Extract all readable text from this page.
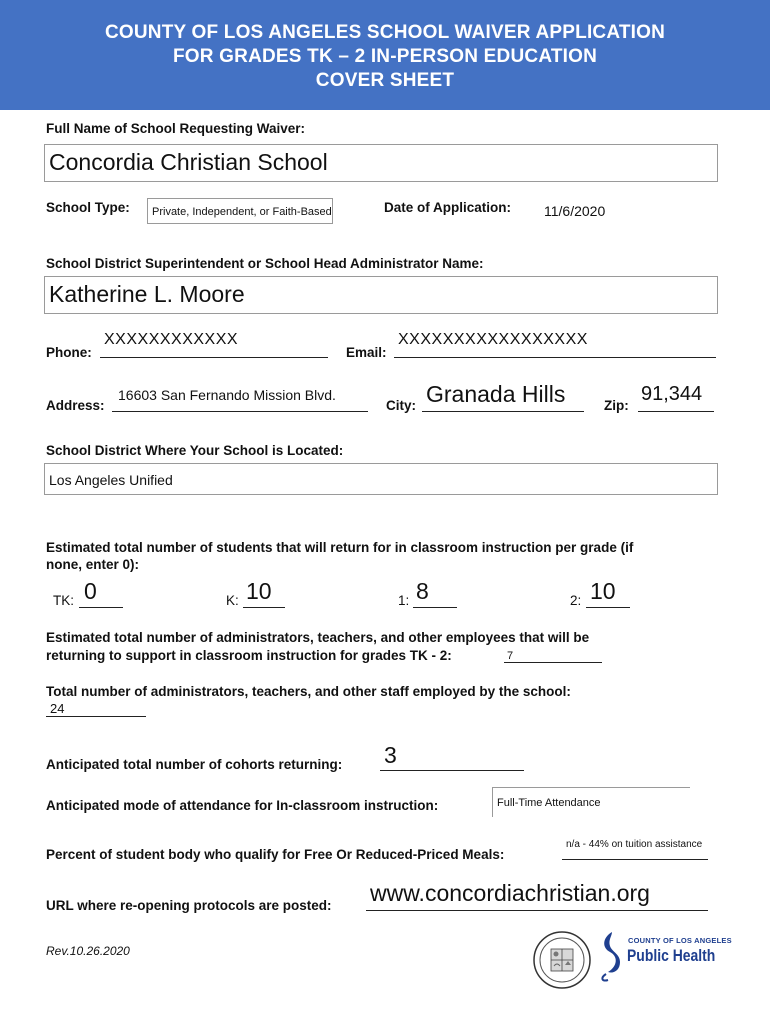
COUNTY OF LOS ANGELES SCHOOL WAIVER APPLICATION
FOR GRADES TK – 2 IN-PERSON EDUCATION
COVER SHEET
Full Name of School Requesting Waiver:
Concordia Christian School
School Type: Private, Independent, or Faith-Based	Date of Application: 11/6/2020
School District Superintendent or School Head Administrator Name:
Katherine L. Moore
Phone:
XXXXXXXXXXXX
Email:
XXXXXXXXXXXXXXXXX
Address:
16603 San Fernando Mission Blvd.
City: Granada Hills	Zip:
91,344
School District Where Your School is Located:
Los Angeles Unified
Estimated total number of students that will return for in classroom instruction per grade (if
none, enter 0):
TK: 0	K: 10	1: 8	2: 10
Estimated total number of administrators, teachers, and other employees that will be
returning to support in classroom instruction for grades TK - 2:	7
Total number of administrators, teachers, and other staff employed by the school:
24
Anticipated total number of cohorts returning: 3
Anticipated mode of attendance for In-classroom instruction:	Full-Time Attendance
Percent of student body who qualify for Free Or Reduced-Priced Meals:
n/a - 44% on tuition assistance
URL where re-opening protocols are posted: www.concordiachristian.org
Rev.10.26.2020
COUNTY OF LOS ANGELES
Public Health
